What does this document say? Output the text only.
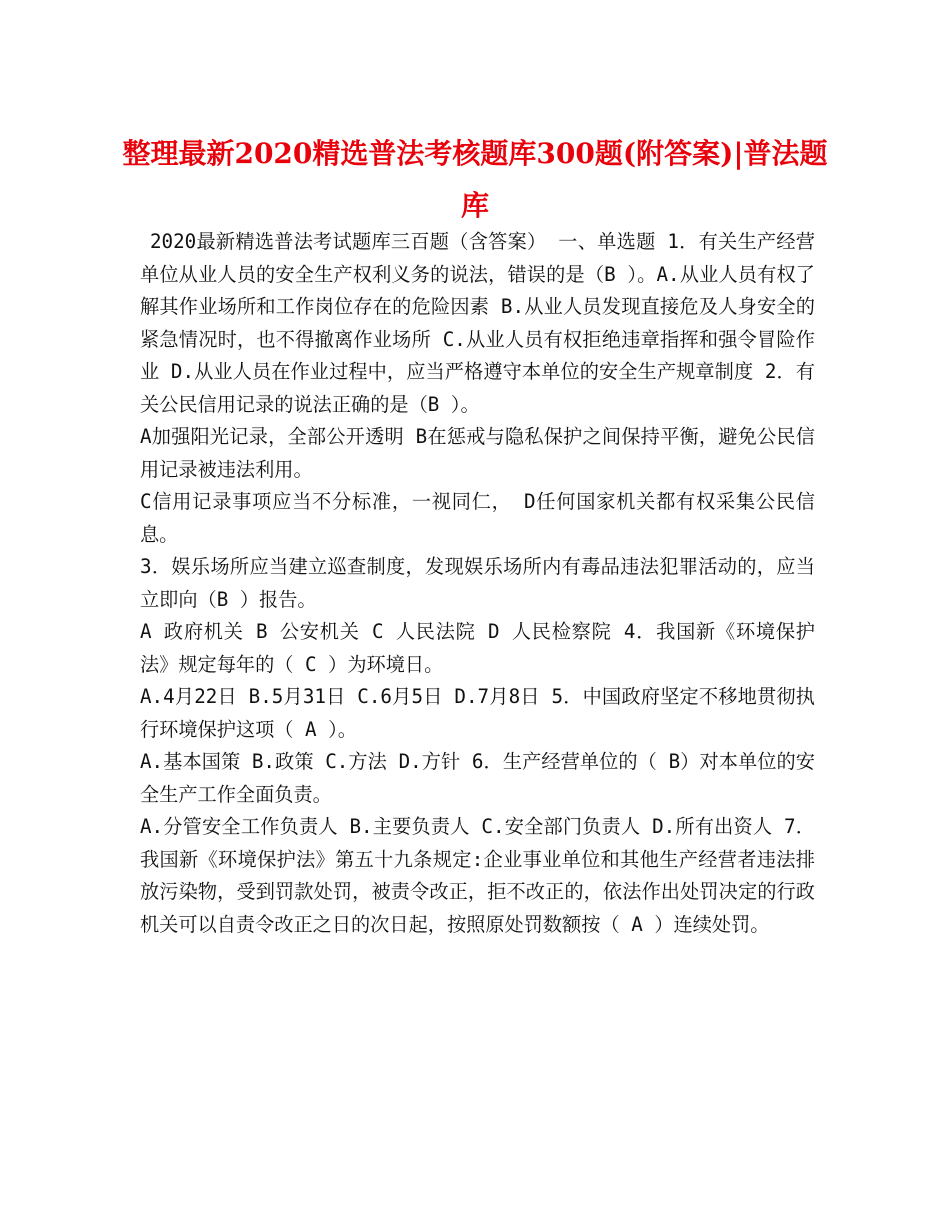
整理最新2020精选普法考核题库300题(附答案)|普法题库

2020最新精选普法考试题库三百题（含答案） 一、单选题 1．有关生产经营单位从业人员的安全生产权利义务的说法，错误的是（B ）。A.从业人员有权了解其作业场所和工作岗位存在的危险因素 B.从业人员发现直接危及人身安全的紧急情况时，也不得撤离作业场所 C.从业人员有权拒绝违章指挥和强令冒险作业 D.从业人员在作业过程中，应当严格遵守本单位的安全生产规章制度 2．有关公民信用记录的说法正确的是（B ）。

A加强阳光记录，全部公开透明 B在惩戒与隐私保护之间保持平衡，避免公民信用记录被违法利用。

C信用记录事项应当不分标准，一视同仁， D任何国家机关都有权采集公民信息。

3．娱乐场所应当建立巡查制度，发现娱乐场所内有毒品违法犯罪活动的，应当立即向（B ）报告。

A 政府机关 B 公安机关 C 人民法院 D 人民检察院 4．我国新《环境保护法》规定每年的（ C ）为环境日。

A.4月22日 B.5月31日 C.6月5日 D.7月8日 5．中国政府坚定不移地贯彻执行环境保护这项（ A ）。

A.基本国策 B.政策 C.方法 D.方针 6．生产经营单位的（ B）对本单位的安全生产工作全面负责。

A.分管安全工作负责人 B.主要负责人 C.安全部门负责人 D.所有出资人 7．我国新《环境保护法》第五十九条规定:企业事业单位和其他生产经营者违法排放污染物，受到罚款处罚，被责令改正，拒不改正的，依法作出处罚决定的行政机关可以自责令改正之日的次日起，按照原处罚数额按（ A ）连续处罚。
